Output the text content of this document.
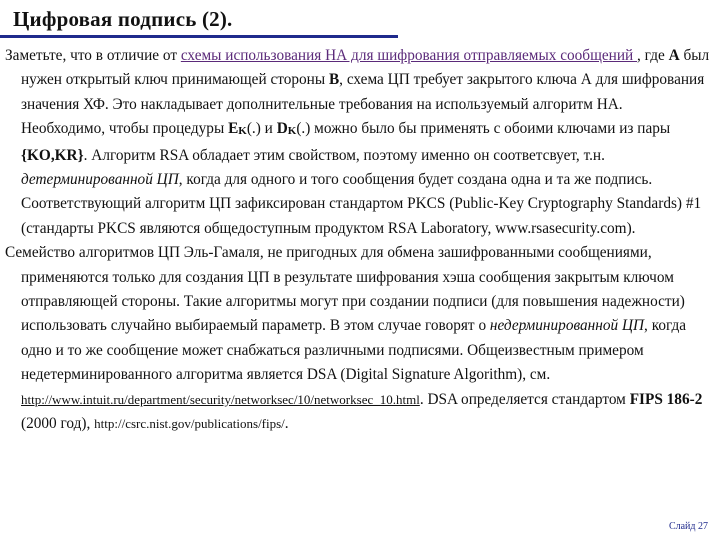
Цифровая подпись (2).

Заметьте, что в отличие от схемы использования НА для шифрования отправляемых сообщений , где А был нужен открытый ключ принимающей стороны В, схема ЦП требует закрытого ключа А для шифрования значения ХФ. Это накладывает дополнительные требования на используемый алгоритм НА. Необходимо, чтобы процедуры EK(.) и DK(.) можно было бы применять с обоими ключами из пары {KO,KR}. Алгоритм RSA обладает этим свойством, поэтому именно он соответсвует, т.н. детерминированной ЦП, когда для одного и того сообщения будет создана одна и та же подпись. Соответствующий алгоритм ЦП зафиксирован стандартом PKCS (Public-Key Cryptography Standards) #1 (стандарты PKCS являются общедоступным продуктом RSA Laboratory, www.rsasecurity.com).

Семейство алгоритмов ЦП Эль-Гамаля, не пригодных для обмена зашифрованными сообщениями, применяются только для создания ЦП в результате шифрования хэша сообщения закрытым ключом отправляющей стороны. Такие алгоритмы могут при создании подписи (для повышения надежности) использовать случайно выбираемый параметр. В этом случае говорят о недерминированной ЦП, когда одно и то же сообщение может снабжаться различными подписями. Общеизвестным примером недетерминированного алгоритма является DSA (Digital Signature Algorithm), см. http://www.intuit.ru/department/security/networksec/10/networksec_10.html. DSA определяется стандартом FIPS 186-2 (2000 год), http://csrc.nist.gov/publications/fips/.

Слайд 27
